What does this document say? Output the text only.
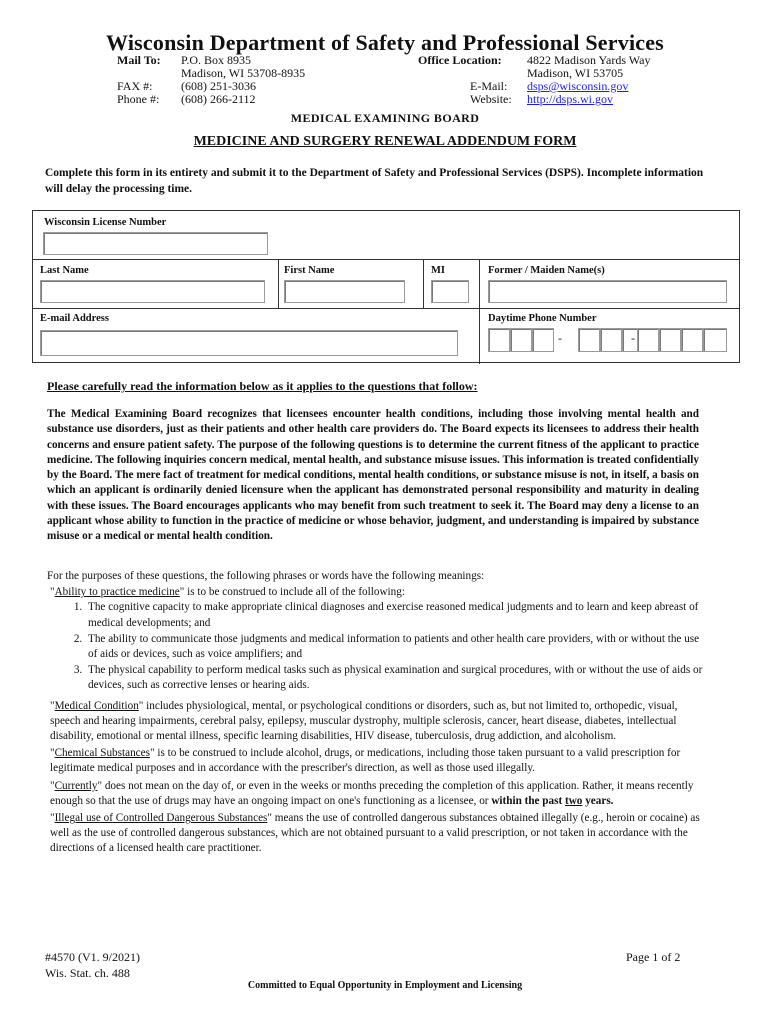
Wisconsin Department of Safety and Professional Services
Mail To: P.O. Box 8935
Madison, WI 53708-8935
FAX #: (608) 251-3036
Phone #: (608) 266-2112
Office Location: 4822 Madison Yards Way
Madison, WI 53705
E-Mail: dsps@wisconsin.gov
Website: http://dsps.wi.gov
MEDICAL EXAMINING BOARD
MEDICINE AND SURGERY RENEWAL ADDENDUM FORM
Complete this form in its entirety and submit it to the Department of Safety and Professional Services (DSPS). Incomplete information will delay the processing time.
Wisconsin License Number
Last Name	First Name	MI	Former / Maiden Name(s)
E-mail Address	Daytime Phone Number
-	-
Please carefully read the information below as it applies to the questions that follow:
The Medical Examining Board recognizes that licensees encounter health conditions, including those involving mental health and substance use disorders, just as their patients and other health care providers do. The Board expects its licensees to address their health concerns and ensure patient safety. The purpose of the following questions is to determine the current fitness of the applicant to practice medicine. The following inquiries concern medical, mental health, and substance misuse issues. This information is treated confidentially by the Board. The mere fact of treatment for medical conditions, mental health conditions, or substance misuse is not, in itself, a basis on which an applicant is ordinarily denied licensure when the applicant has demonstrated personal responsibility and maturity in dealing with these issues. The Board encourages applicants who may benefit from such treatment to seek it. The Board may deny a license to an applicant whose ability to function in the practice of medicine or whose behavior, judgment, and understanding is impaired by substance misuse or a medical or mental health condition.

For the purposes of these questions, the following phrases or words have the following meanings:

"Ability to practice medicine" is to be construed to include all of the following:

1. The cognitive capacity to make appropriate clinical diagnoses and exercise reasoned medical judgments and to learn and keep abreast of medical developments; and
2. The ability to communicate those judgments and medical information to patients and other health care providers, with or without the use of aids or devices, such as voice amplifiers; and
3. The physical capability to perform medical tasks such as physical examination and surgical procedures, with or without the use of aids or devices, such as corrective lenses or hearing aids.

"Medical Condition" includes physiological, mental, or psychological conditions or disorders, such as, but not limited to, orthopedic, visual, speech and hearing impairments, cerebral palsy, epilepsy, muscular dystrophy, multiple sclerosis, cancer, heart disease, diabetes, intellectual disability, emotional or mental illness, specific learning disabilities, HIV disease, tuberculosis, drug addiction, and alcoholism.

"Chemical Substances" is to be construed to include alcohol, drugs, or medications, including those taken pursuant to a valid prescription for legitimate medical purposes and in accordance with the prescriber's direction, as well as those used illegally.

"Currently" does not mean on the day of, or even in the weeks or months preceding the completion of this application. Rather, it means recently enough so that the use of drugs may have an ongoing impact on one's functioning as a licensee, or within the past two years.

"Illegal use of Controlled Dangerous Substances" means the use of controlled dangerous substances obtained illegally (e.g., heroin or cocaine) as well as the use of controlled dangerous substances, which are not obtained pursuant to a valid prescription, or not taken in accordance with the directions of a licensed health care practitioner.

#4570 (V1. 9/2021)
Wis. Stat. ch. 488
Page 1 of 2
Committed to Equal Opportunity in Employment and Licensing
